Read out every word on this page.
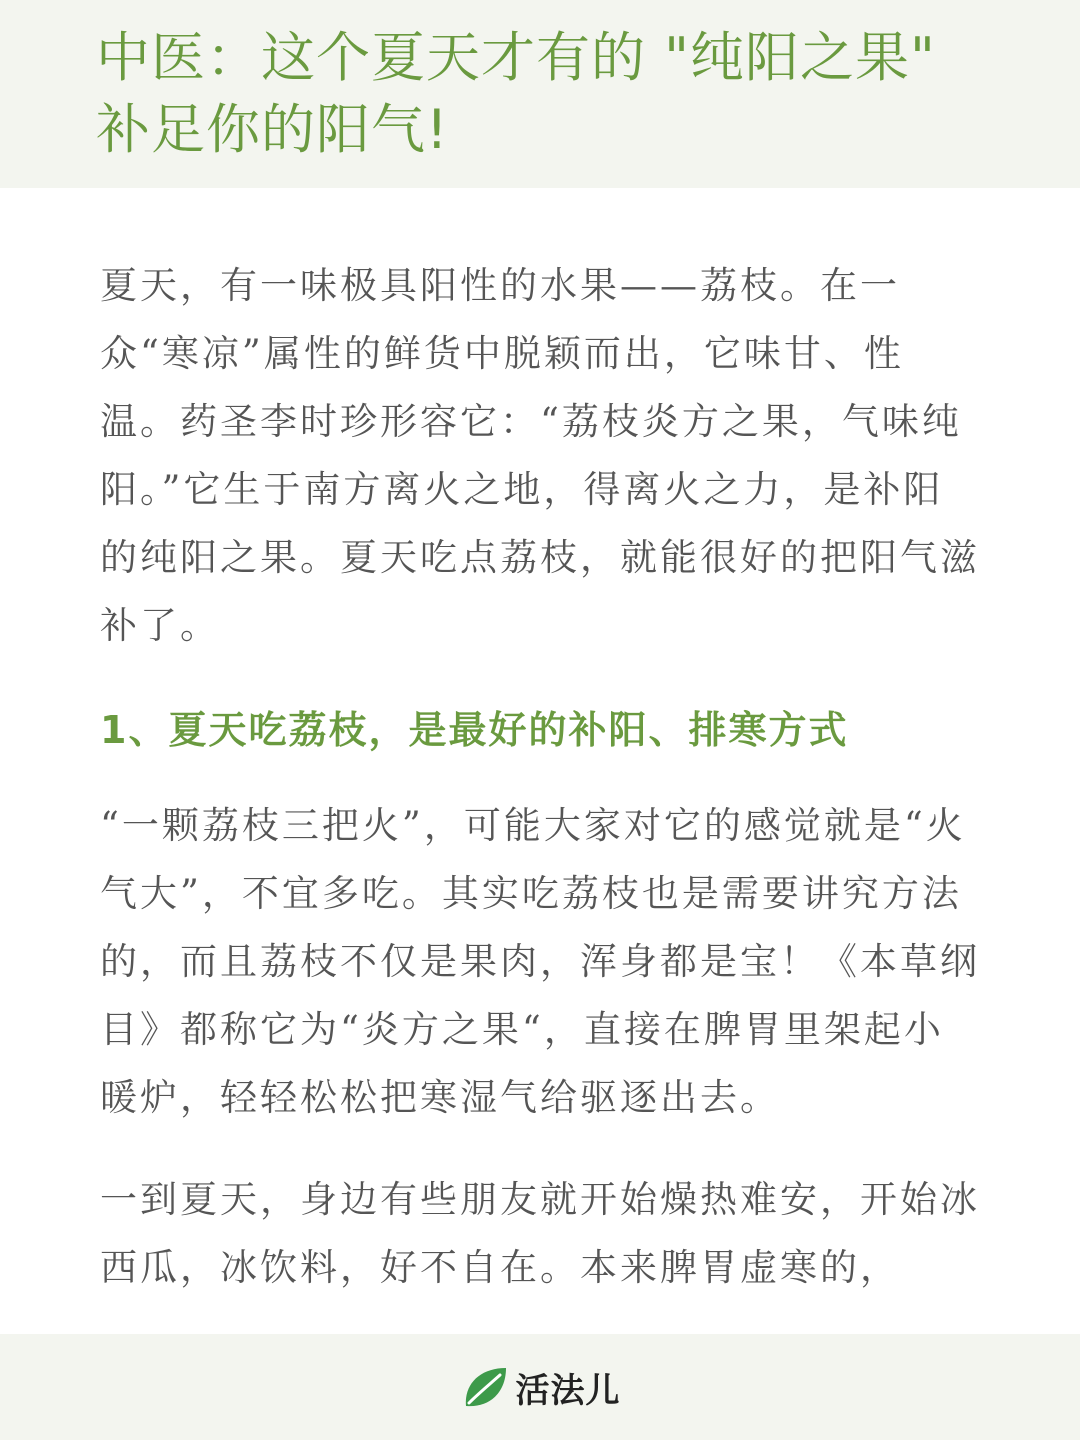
中医：这个夏天才有的 "纯阳之果" 补足你的阳气!

夏天，有一味极具阳性的水果——荔枝。在一众“寒凉”属性的鲜货中脱颖而出，它味甘、性温。药圣李时珍形容它：“荔枝炎方之果，气味纯阳。”它生于南方离火之地，得离火之力，是补阳的纯阳之果。夏天吃点荔枝，就能很好的把阳气滋补了。

1、夏天吃荔枝，是最好的补阳、排寒方式

“一颗荔枝三把火”，可能大家对它的感觉就是“火气大”，不宜多吃。其实吃荔枝也是需要讲究方法的，而且荔枝不仅是果肉，浑身都是宝！《本草纲目》都称它为“炎方之果“，直接在脾胃里架起小暖炉，轻轻松松把寒湿气给驱逐出去。

一到夏天，身边有些朋友就开始燥热难安，开始冰西瓜，冰饮料，好不自在。本来脾胃虚寒的，

活法儿
